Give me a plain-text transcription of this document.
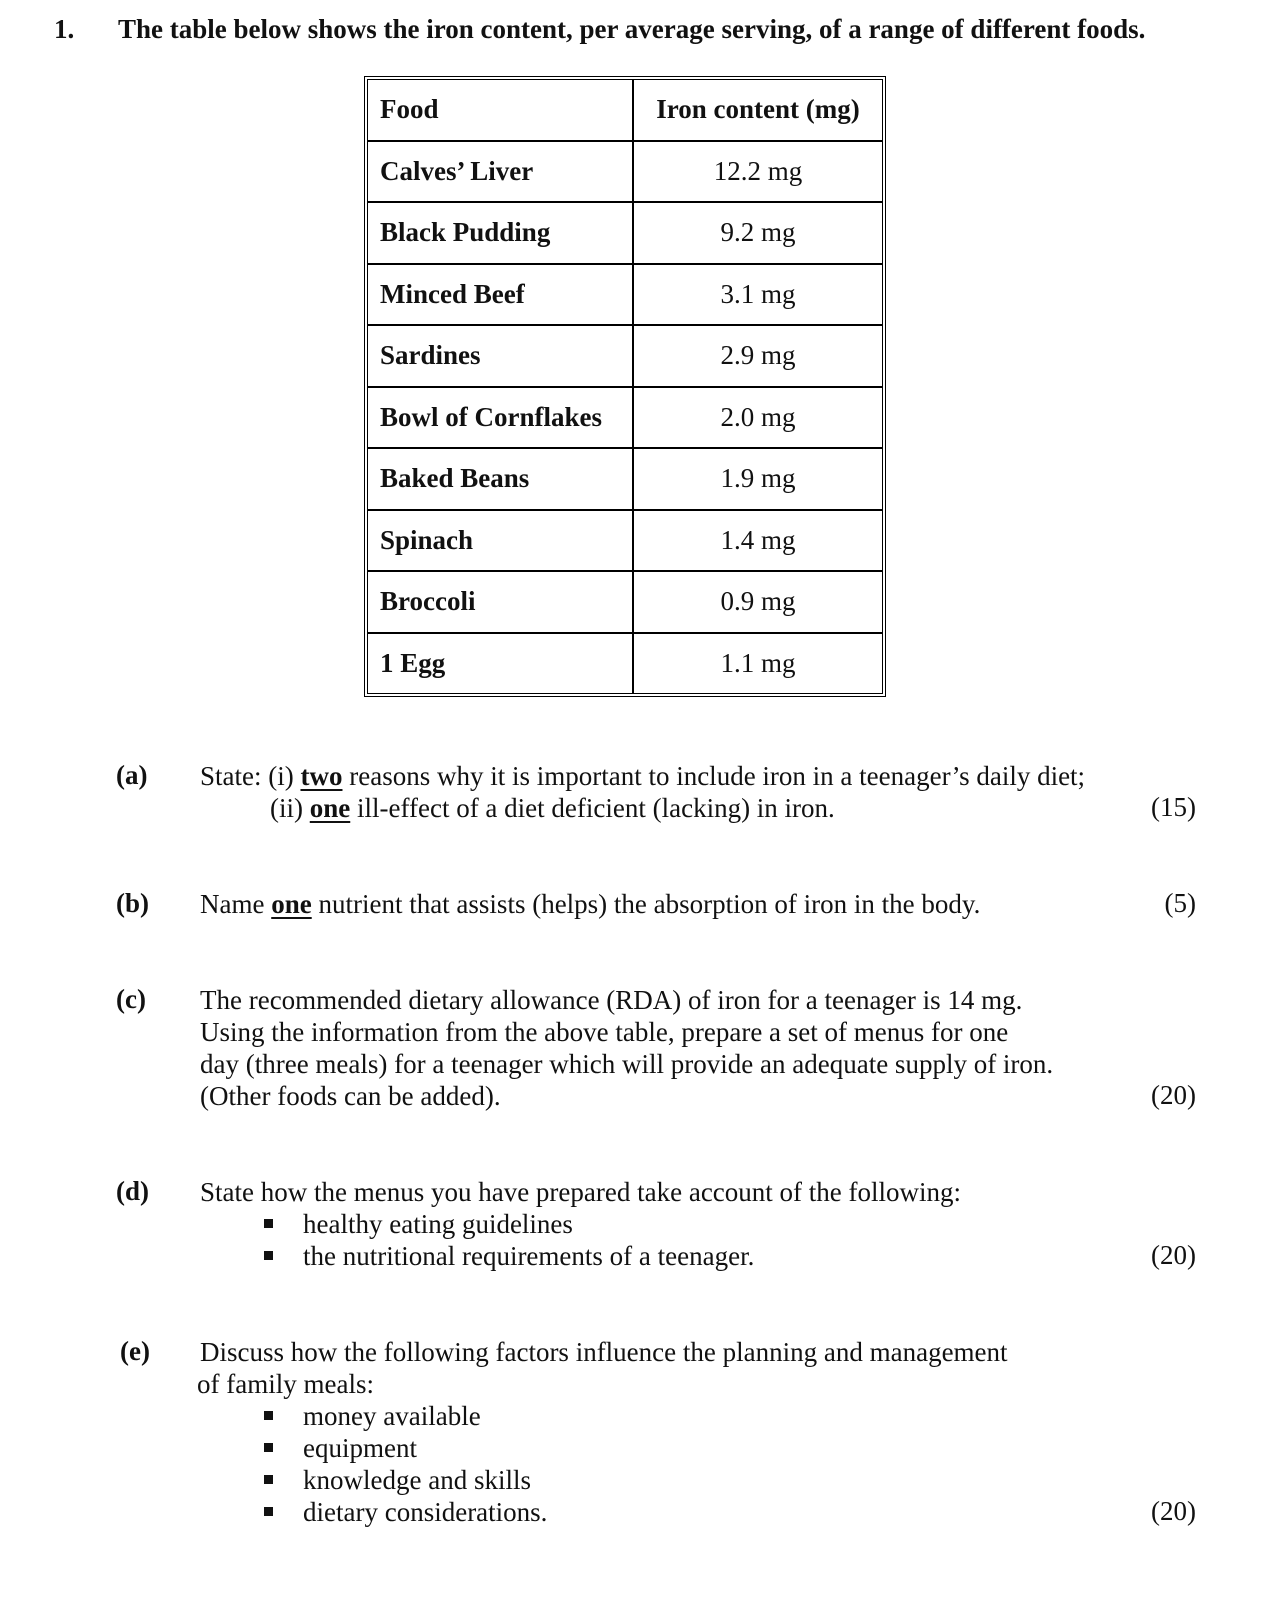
1. The table below shows the iron content, per average serving, of a range of different foods.
Food	Iron content (mg)
Calves’ Liver	12.2 mg
Black Pudding	9.2 mg
Minced Beef	3.1 mg
Sardines	2.9 mg
Bowl of Cornflakes	2.0 mg
Baked Beans	1.9 mg
Spinach	1.4 mg
Broccoli	0.9 mg
1 Egg	1.1 mg
(a) State: (i) two reasons why it is important to include iron in a teenager’s daily diet;
(ii) one ill-effect of a diet deficient (lacking) in iron.	(15)
(b) Name one nutrient that assists (helps) the absorption of iron in the body.	(5)
(c) The recommended dietary allowance (RDA) of iron for a teenager is 14 mg.
Using the information from the above table, prepare a set of menus for one
day (three meals) for a teenager which will provide an adequate supply of iron.
(Other foods can be added).	(20)
(d) State how the menus you have prepared take account of the following:
healthy eating guidelines
the nutritional requirements of a teenager.	(20)
(e) Discuss how the following factors influence the planning and management
of family meals:
money available
equipment
knowledge and skills
dietary considerations.	(20)
